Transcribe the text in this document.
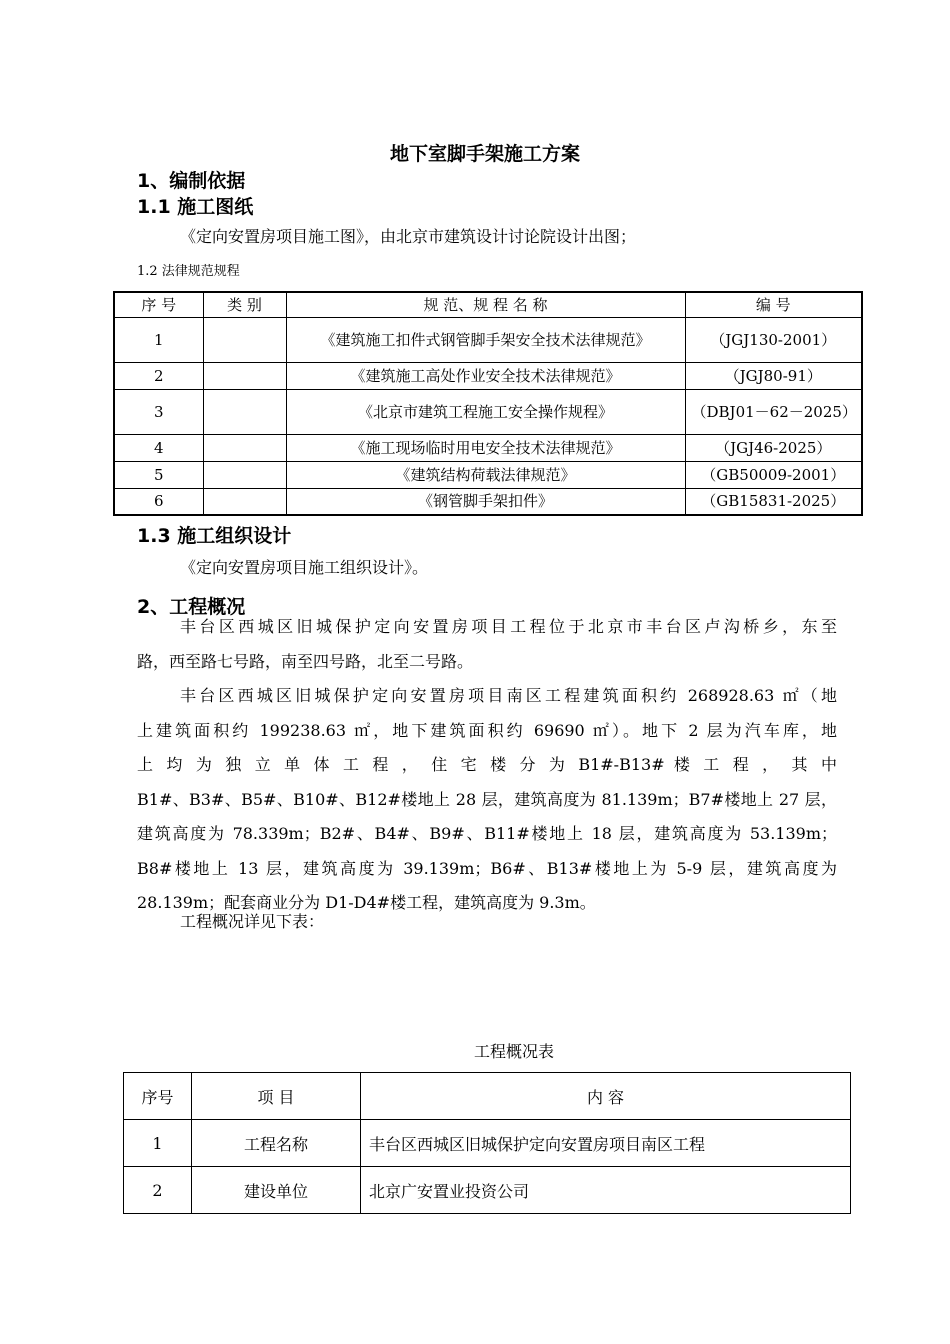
地下室脚手架施工方案
1、编制依据
1.1 施工图纸
《定向安置房项目施工图》，由北京市建筑设计讨论院设计出图；
1.2 法律规范规程
序 号	类 别	规 范、规 程 名 称	编 号
1		《建筑施工扣件式钢管脚手架安全技术法律规范》	（JGJ130-2001）
2		《建筑施工高处作业安全技术法律规范》	（JGJ80-91）
3		《北京市建筑工程施工安全操作规程》	（DBJ01－62－2025）
4		《施工现场临时用电安全技术法律规范》	（JGJ46-2025）
5		《建筑结构荷载法律规范》	（GB50009-2001）
6		《钢管脚手架扣件》	（GB15831-2025）
1.3 施工组织设计
《定向安置房项目施工组织设计》。
2、工程概况
丰台区西城区旧城保护定向安置房项目工程位于北京市丰台区卢沟桥乡，东至
路，西至路七号路，南至四号路，北至二号路。
丰台区西城区旧城保护定向安置房项目南区工程建筑面积约 268928.63 ㎡（地
上建筑面积约 199238.63 ㎡，地下建筑面积约 69690 ㎡）。地下 2 层为汽车库，地
上 均 为 独 立 单 体 工 程 ， 住 宅 楼 分 为 B1#-B13# 楼 工 程 ， 其 中
B1#、B3#、B5#、B10#、B12#楼地上 28 层，建筑高度为 81.139m；B7#楼地上 27 层，
建筑高度为 78.339m；B2#、B4#、B9#、B11#楼地上 18 层，建筑高度为 53.139m；
B8#楼地上 13 层，建筑高度为 39.139m；B6#、B13#楼地上为 5-9 层，建筑高度为
28.139m；配套商业分为 D1-D4#楼工程，建筑高度为 9.3m。
工程概况详见下表：
工程概况表
序号	项 目	内 容
1	工程名称	丰台区西城区旧城保护定向安置房项目南区工程
2	建设单位	北京广安置业投资公司
